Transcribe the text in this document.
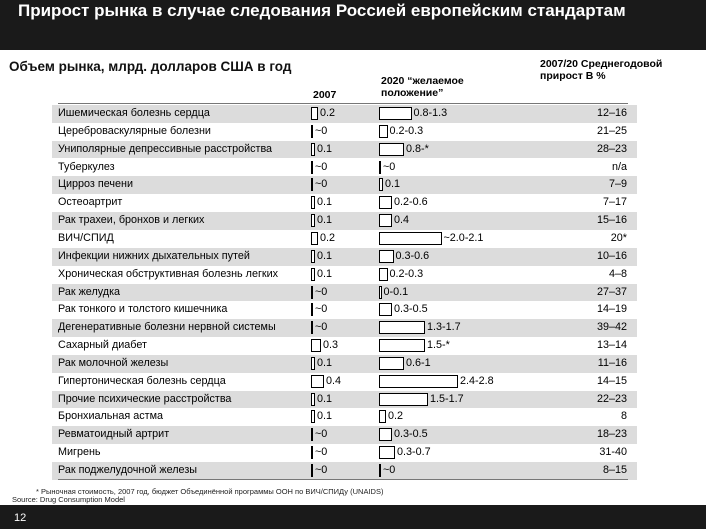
Прирост рынка в случае следования Россией европейским стандартам
Объем рынка, млрд. долларов США в год
2007
2020 “желаемое положение”
2007/20 Среднегодовой прирост В %
Ишемическая болезнь сердца	0.2	0.8-1.3	12–16
Цереброваскулярные болезни	~0	0.2-0.3	21–25
Униполярные депрессивные расстройства	0.1	0.8-*	28–23
Туберкулез	~0	~0	n/a
Цирроз печени	~0	0.1	7–9
Остеоартрит	0.1	0.2-0.6	7–17
Рак трахеи, бронхов и легких	0.1	0.4	15–16
ВИЧ/СПИД	0.2	~2.0-2.1	20*
Инфекции нижних дыхательных путей	0.1	0.3-0.6	10–16
Хроническая обструктивная болезнь легких	0.1	0.2-0.3	4–8
Рак желудка	~0	0-0.1	27–37
Рак тонкого и толстого кишечника	~0	0.3-0.5	14–19
Дегенеративные болезни нервной системы	~0	1.3-1.7	39–42
Сахарный диабет	0.3	1.5-*	13–14
Рак молочной железы	0.1	0.6-1	11–16
Гипертоническая болезнь сердца	0.4	2.4-2.8	14–15
Прочие психические расстройства	0.1	1.5-1.7	22–23
Бронхиальная астма	0.1	0.2	8
Ревматоидный артрит	~0	0.3-0.5	18–23
Мигрень	~0	0.3-0.7	31-40
Рак поджелудочной железы	~0	~0	8–15
* Рыночная стоимость, 2007 год, бюджет Объединённой программы ООН по ВИЧ/СПИДу (UNAIDS)
Source: Drug Consumption Model
12
